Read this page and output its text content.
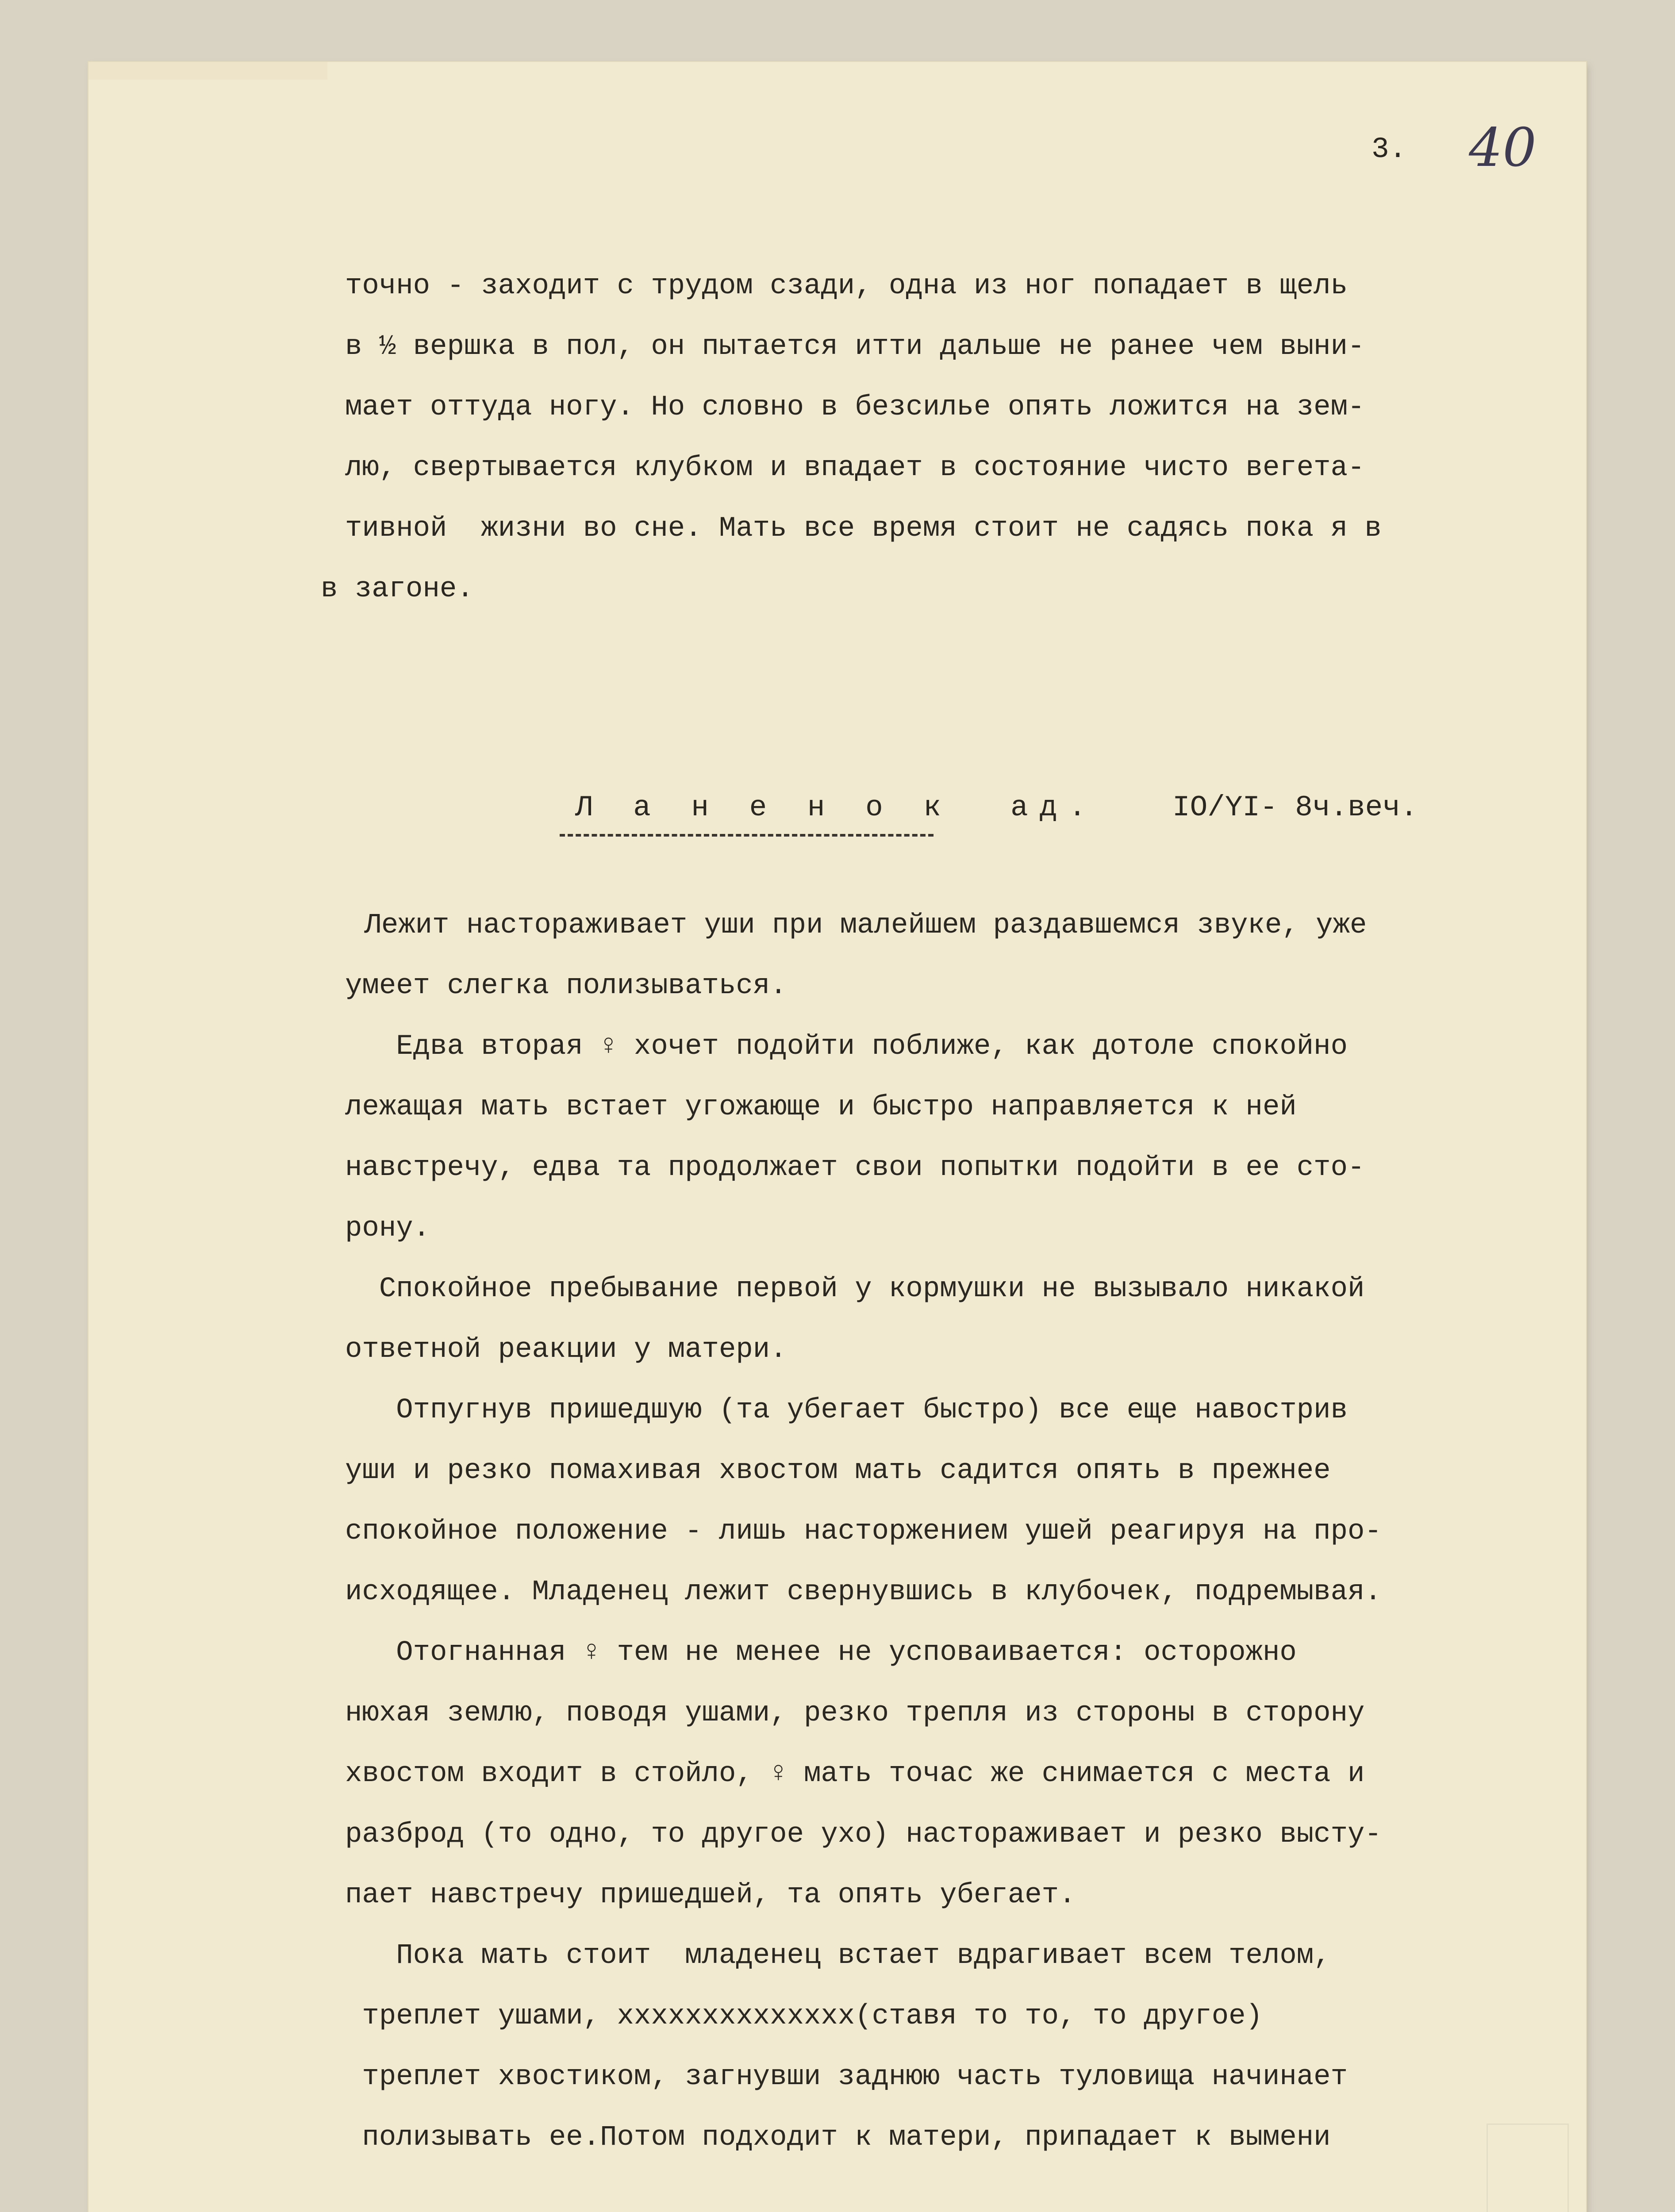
3. 40
точно - заходит с трудом сзади, одна из ног попадает в щель
в ½ вершка в пол, он пытается итти дальше не ранее чем выни-
мает оттуда ногу. Но словно в безсилье опять ложится на зем-
лю, свертывается клубком и впадает в состояние чисто вегета-
тивной  жизни во сне. Мать все время стоит не садясь пока я в
в загоне.
Л а н е н о к  ад.	IO/YI- 8ч.веч.
Лежит настораживает уши при малейшем раздавшемся звуке, уже
умеет слегка полизываться.
Едва вторая ♀ хочет подойти поближе, как дотоле спокойно
лежащая мать встает угожающе и быстро направляется к ней
навстречу, едва та продолжает свои попытки подойти в ее сто-
рону.
Спокойное пребывание первой у кормушки не вызывало никакой
ответной реакции у матери.
Отпугнув пришедшую (та убегает быстро) все еще навострив
уши и резко помахивая хвостом мать садится опять в прежнее
спокойное положение - лишь насторжением ушей реагируя на про-
исходящее. Младенец лежит свернувшись в клубочек, подремывая.
Отогнанная ♀ тем не менее не усповаивается: осторожно
нюхая землю, поводя ушами, резко трепля из стороны в сторону
хвостом входит в стойло, ♀ мать точас же снимается с места и
разброд (то одно, то другое ухо) настораживает и резко высту-
пает навстречу пришедшей, та опять убегает.
Пока мать стоит  младенец встает вдрагивает всем телом,
треплет ушами, xxxxxxxxxxxxxx(ставя то то, то другое)
треплет хвостиком, загнувши заднюю часть туловища начинает
полизывать ее.Потом подходит к матери, припадает к вымени
